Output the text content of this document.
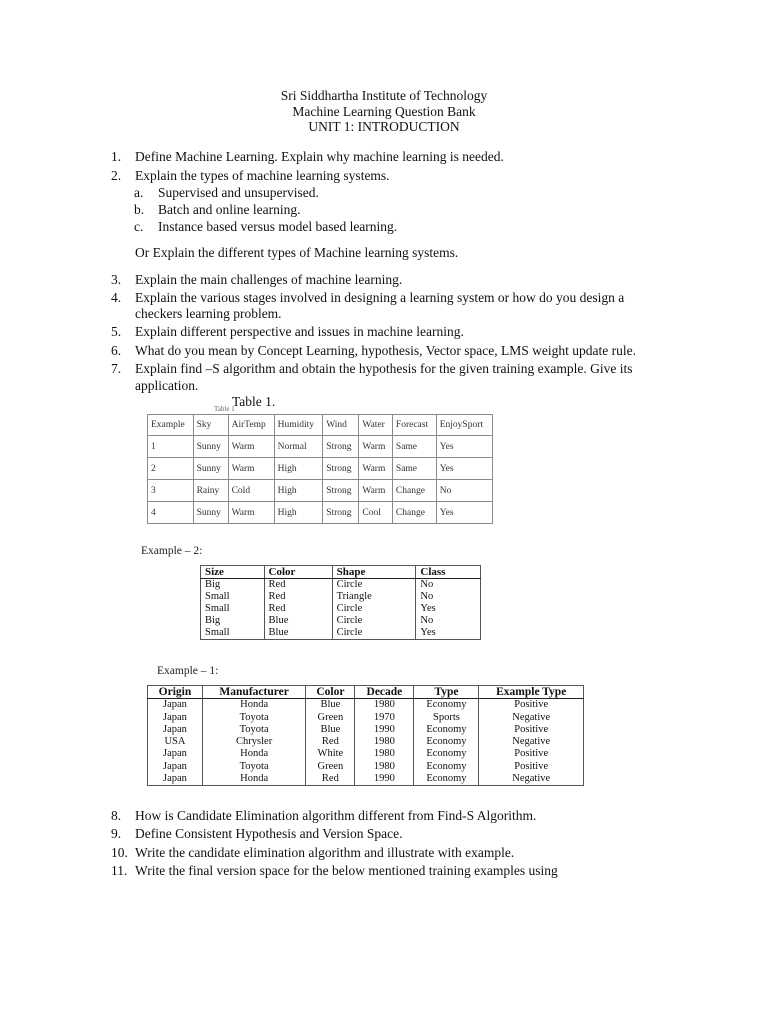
Sri Siddhartha Institute of Technology
Machine Learning Question Bank
UNIT 1: INTRODUCTION
1. Define Machine Learning. Explain why machine learning is needed.
2. Explain the types of machine learning systems.
a. Supervised and unsupervised.
b. Batch and online learning.
c. Instance based versus model based learning.
Or Explain the different types of Machine learning systems.
3. Explain the main challenges of machine learning.
4. Explain the various stages involved in designing a learning system or how do you design a
checkers learning problem.
5. Explain different perspective and issues in machine learning.
6. What do you mean by Concept Learning, hypothesis, Vector space, LMS weight update rule.
7. Explain find –S algorithm and obtain the hypothesis for the given training example. Give its
application.
Table 1.
Table 1
Example	Sky	AirTemp	Humidity	Wind	Water	Forecast	EnjoySport
1	Sunny	Warm	Normal	Strong	Warm	Same	Yes
2	Sunny	Warm	High	Strong	Warm	Same	Yes
3	Rainy	Cold	High	Strong	Warm	Change	No
4	Sunny	Warm	High	Strong	Cool	Change	Yes
Example – 2:
Size	Color	Shape	Class
Big	Red	Circle	No
Small	Red	Triangle	No
Small	Red	Circle	Yes
Big	Blue	Circle	No
Small	Blue	Circle	Yes
Example – 1:
Origin	Manufacturer	Color	Decade	Type	Example Type
Japan	Honda	Blue	1980	Economy	Positive
Japan	Toyota	Green	1970	Sports	Negative
Japan	Toyota	Blue	1990	Economy	Positive
USA	Chrysler	Red	1980	Economy	Negative
Japan	Honda	White	1980	Economy	Positive
Japan	Toyota	Green	1980	Economy	Positive
Japan	Honda	Red	1990	Economy	Negative
8. How is Candidate Elimination algorithm different from Find-S Algorithm.
9. Define Consistent Hypothesis and Version Space.
10. Write the candidate elimination algorithm and illustrate with example.
11. Write the final version space for the below mentioned training examples using
